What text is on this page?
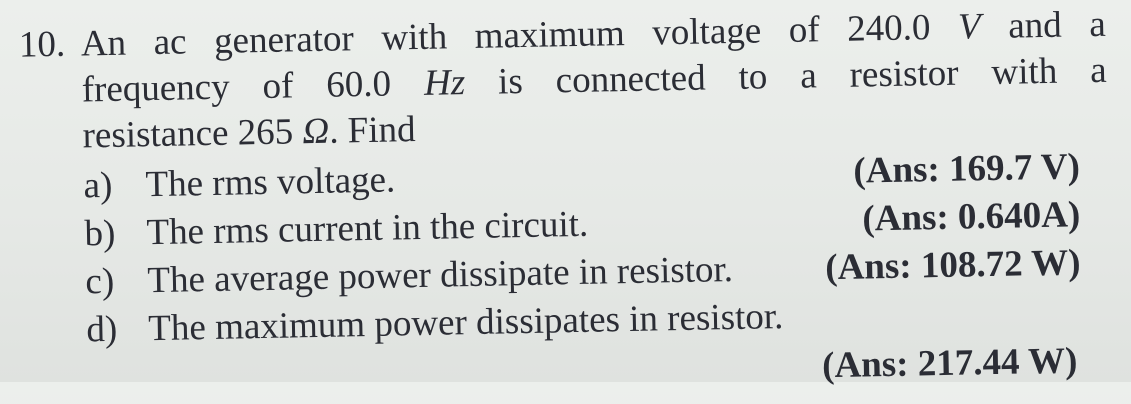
10. An ac generator with maximum voltage of 240.0 V and a
frequency of 60.0 Hz is connected to a resistor with a
resistance 265 Ω. Find
a) The rms voltage.	(Ans: 169.7 V)
b) The rms current in the circuit.	(Ans: 0.640A)
c) The average power dissipate in resistor. (Ans: 108.72 W)
d) The maximum power dissipates in resistor.
(Ans: 217.44 W)
